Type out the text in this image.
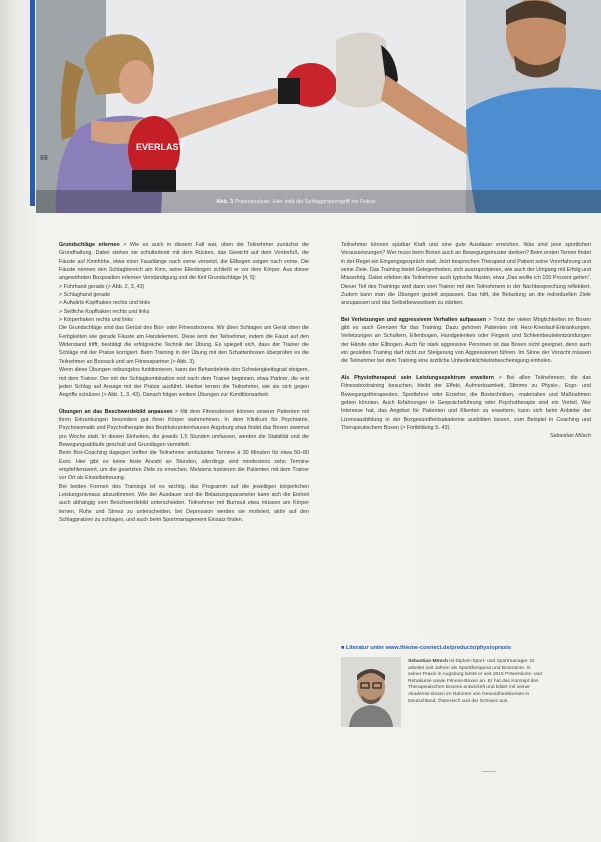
EVERLAST
Abb. 3 Praxisanalyse: Hier zielt die Schlagpratzengriff ins Fokus.
68

Grundschläge erlernen > Wie es auch in diesem Fall war, üben die Teilnehmer zunächst die Grundhaltung. Dabei stehen sie schulterbreit mit dem Rücken, das Gewicht auf dem Vorderfuß, die Fäuste auf Kinnhöhe, etwa einer Faustlänge nach vorne versetzt, die Ellbogen zeigen nach vorne. Die Fäuste nennen den Schlagbereich am Kinn, seine Ellenbogen schließt er vor dem Körper. Aus dieser angewöhnten Boxposition erlernen Verständigung und die fünf Grundschläge [4, 5]:

> Führhand gerade (> Abb. 2, 3, 43)
> Schlaghand gerade
> Aufwärts-Kopfhaken rechts und links
> Seitliche Kopfhaken rechts und links
> Körperhaken rechts und links

Die Grundschläge sind das Gerüst des Box- oder Fitnessboxens. Wir üben Schlagen am Gerät oben die Fertigkeiten wie gerade Fäuste am Handelement. Diese lernt der Teilnehmer, indem die Faust auf den Widerstand trifft, bestätigt die erfolgreiche Technik der Übung. Es spiegelt sich, dass der Trainer die Schläge mit der Pratze korrigiert. Beim Training in der Übung mit den Schattenboxen überprüfen es die Teilnehmer an Boxsack und am Fitnesspartner (> Abb. 3).

Wenn diese Übungen reibungslos funktionieren, kann der Behandelnde den Schwierigkeitsgrad steigern, mit dem Trainer. Der mit der Schlagkombination erst nach dem Trainer beginnen, etwa Partner, die erst jeden Schlag auf Ansage mit der Pratze ausführt. Hierbei lernen die Teilnehmer, wie sie sich gegen Angriffe schützen (> Abb. 1, 3, 43). Danach folgen weitere Übungen zur Konditionsarbeit.

Übungen an das Beschwerdebild anpassen > Mit dem Fitnessboxen können unserer Patienten mit ihren Erkrankungen besonders gut ihren Körper wahrnehmen. In dem Klinikum für Psychiatrie, Psychosomatik und Psychotherapie des Bezirkskrankenhauses Augsburg etwa findet das Boxen zweimal pro Woche statt. In diesen Einheiten, die jeweils 1,5 Stunden umfassen, werden die Stabilität und die Bewegungsabläufe geschult und Grundlagen vermittelt.

Beim Box-Coaching dagegen treffen die Teilnehmer ambulanter Termine à 30 Minuten für etwa 50–80 Euro. Hier gibt es keine feste Anzahl an Stunden, allerdings sind mindestens zehn Termine empfehlenswert, um die gesetzten Ziele zu erreichen. Meistens trainieren die Patienten mit dem Trainer vor Ort als Einzelbetreuung.

Bei beiden Formen des Trainings ist es wichtig, das Programm auf die jeweiligen körperlichen Leistungsniveaus abzustimmen. Wie der Ausdauer und die Belastungsparameter kann sich die Einheit auch abhängig vom Beschwerdebild unterscheiden. Teilnehmer mit Burnout etwa müssen am Körper lernen, Ruhe und Stress zu unterscheiden, bei Depression werden sie motiviert, aktiv auf den Schlagpratzen zu schlagen, und auch beim Sportmanagement Einsatz finden.

Teilnehmer können spürbar Kraft und eine gute Ausdauer erreichen. Was sind jene sportlichen Voraussetzungen? Wer muss beim Boxen auch an Bewegungsmuster denken? Beim ersten Termin findet in der Regel ein Eingangsgespräch statt. Jetzt besprechen Therapeut und Patient seine Vorerfahrung und seine Ziele. Das Training bietet Gelegenheiten, sich auszuprobieren, wie auch der Umgang mit Erfolg und Misserfolg. Dabei erleben die Teilnehmer auch typische Muster, etwa „Das wollte ich 100 Prozent gehen“. Dieser Teil des Trainings wird dann vom Trainer mit den Teilnehmern in der Nachbesprechung reflektiert. Zudem kann man die Übungen gezielt anpassen. Das hilft, die Belastung an die individuellen Ziele anzupassen und das Selbstbewusstsein zu stärken.

Bei Verletzungen und aggressivem Verhalten aufpassen > Trotz der vielen Möglichkeiten im Boxen gibt es auch Grenzen für das Training. Dazu gehören Patienten mit Herz-Kreislauf-Erkrankungen, Verletzungen an Schultern, Ellenbogen, Handgelenken oder Fingern und Schleimbeutelentzündungen der Hände oder Ellbogen. Auch für stark aggressive Personen ist das Boxen nicht geeignet, denn auch ein gezieltes Training darf nicht zur Steigerung von Aggressionen führen. Im Sinne der Vorsicht müssen die Teilnehmer bei dem Training eine ärztliche Unbedenklichkeitsbescheinigung einholen.

Als Physiotherapeut sein Leistungsspektrum erweitern > Bei allen Teilnehmern, die das Fitnessboxtraining besuchen, bleibt der Effekt, Aufmerksamkeit, Stimme zu Physio-, Ergo- und Bewegungstherapeuten, Sportlehrer oder Erzieher, die Boxtechniken, -materialien und Maßnahmen geben könnten. Auch Erfahrungen in Gesprächsführung oder Psychotherapie sind ein Vorteil. Wer Interesse hat, das Angebot für Patienten und Klienten zu erweitern, kann sich beim Anbieter der Lizenzausbildung in der Boxgesundheitsakademie ausbilden lassen, zum Beispiel in Coaching und Therapeutischem Boxen (> Fortbildung S. 43).

Sebastian Mösch

■ Literatur unter www.thieme-connect.de/products/physiopraxis
Sebastian Mösch ist Diplom-Sport- und Sportmanager. Er arbeitet seit Jahren als Sporttherapeut und Boxtrainer. In seiner Praxis in Augsburg bietet er seit 2015 Präventions- und Rehakurse sowie Fitness-Boxen an. Er hat das Konzept des Therapeutischen Boxens entwickelt und bildet mit seiner Akademie Boxen im Rahmen von Gesundheitskursen in Deutschland, Österreich und der Schweiz aus.
